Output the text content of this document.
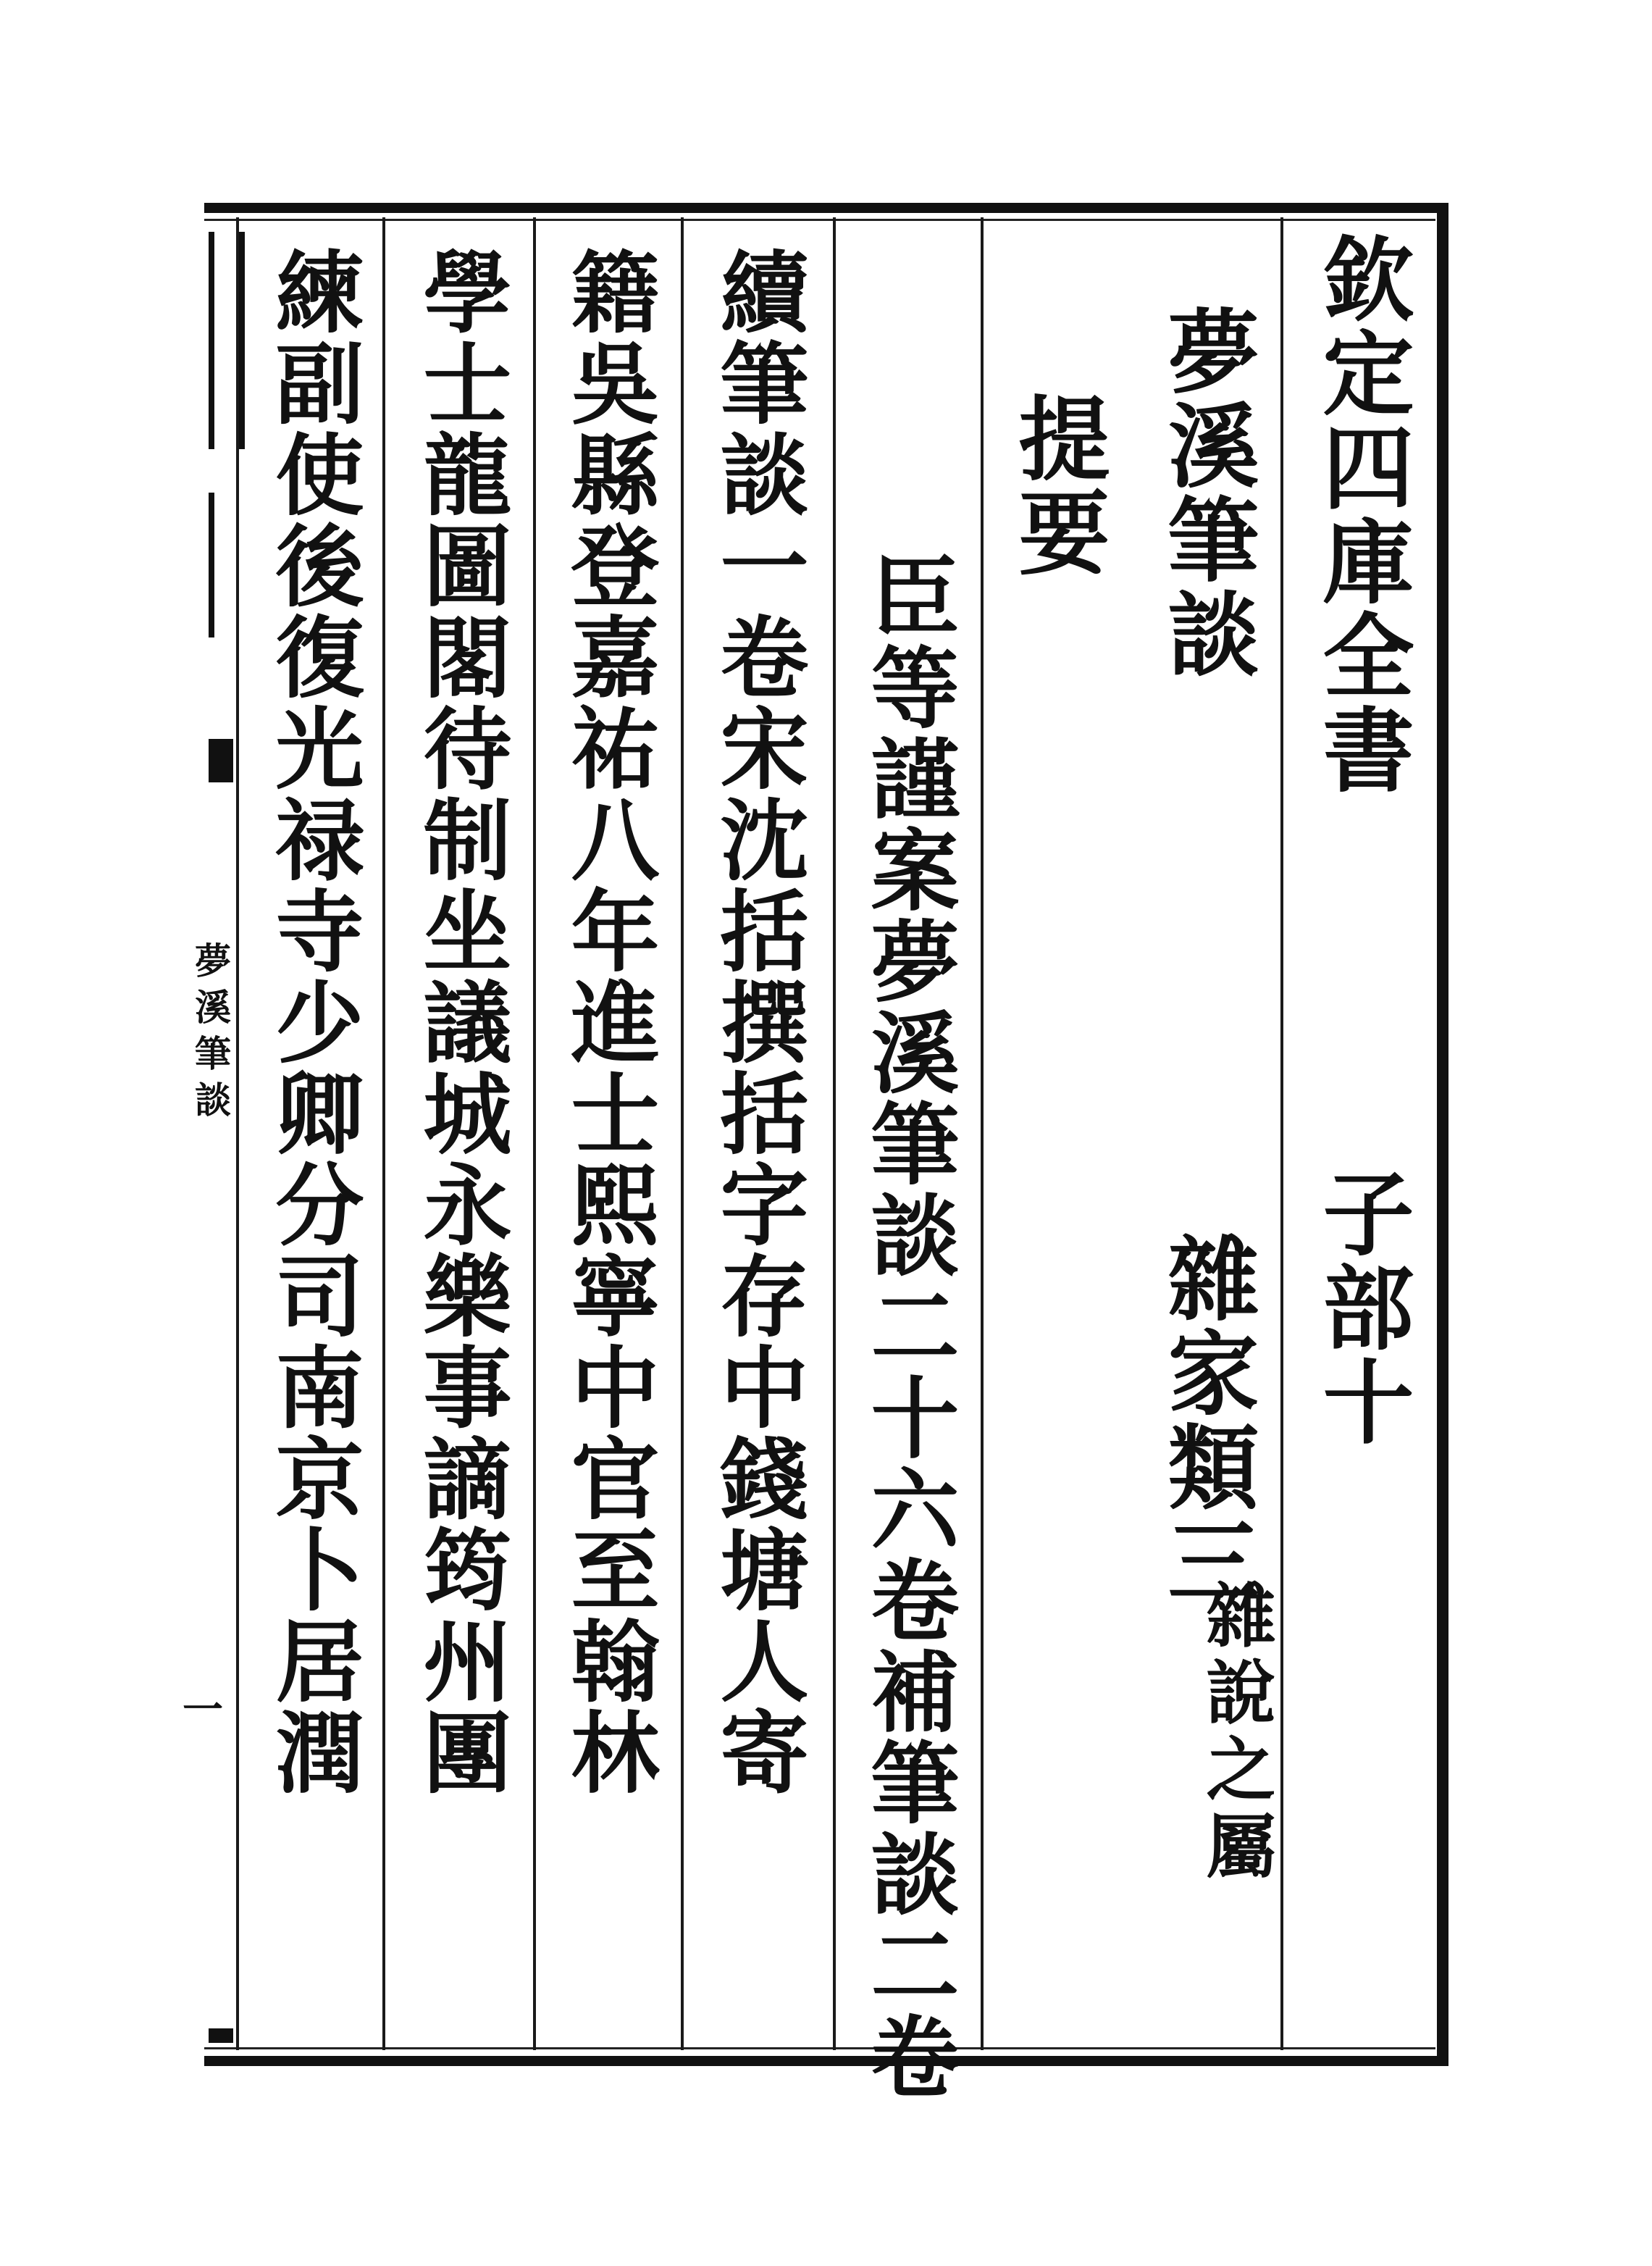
欽定四庫全書
子部十
夢溪筆談
雜家類三
雜說之屬
提要
臣等謹案夢溪筆談二十六卷補筆談二卷
續筆談一卷宋沈括撰括字存中錢塘人寄
籍吳縣登嘉祐八年進士熙寧中官至翰林
學士龍圖閣待制坐議城永樂事謫筠州團
練副使後復光禄寺少卿分司南京卜居潤
夢溪筆談
一
